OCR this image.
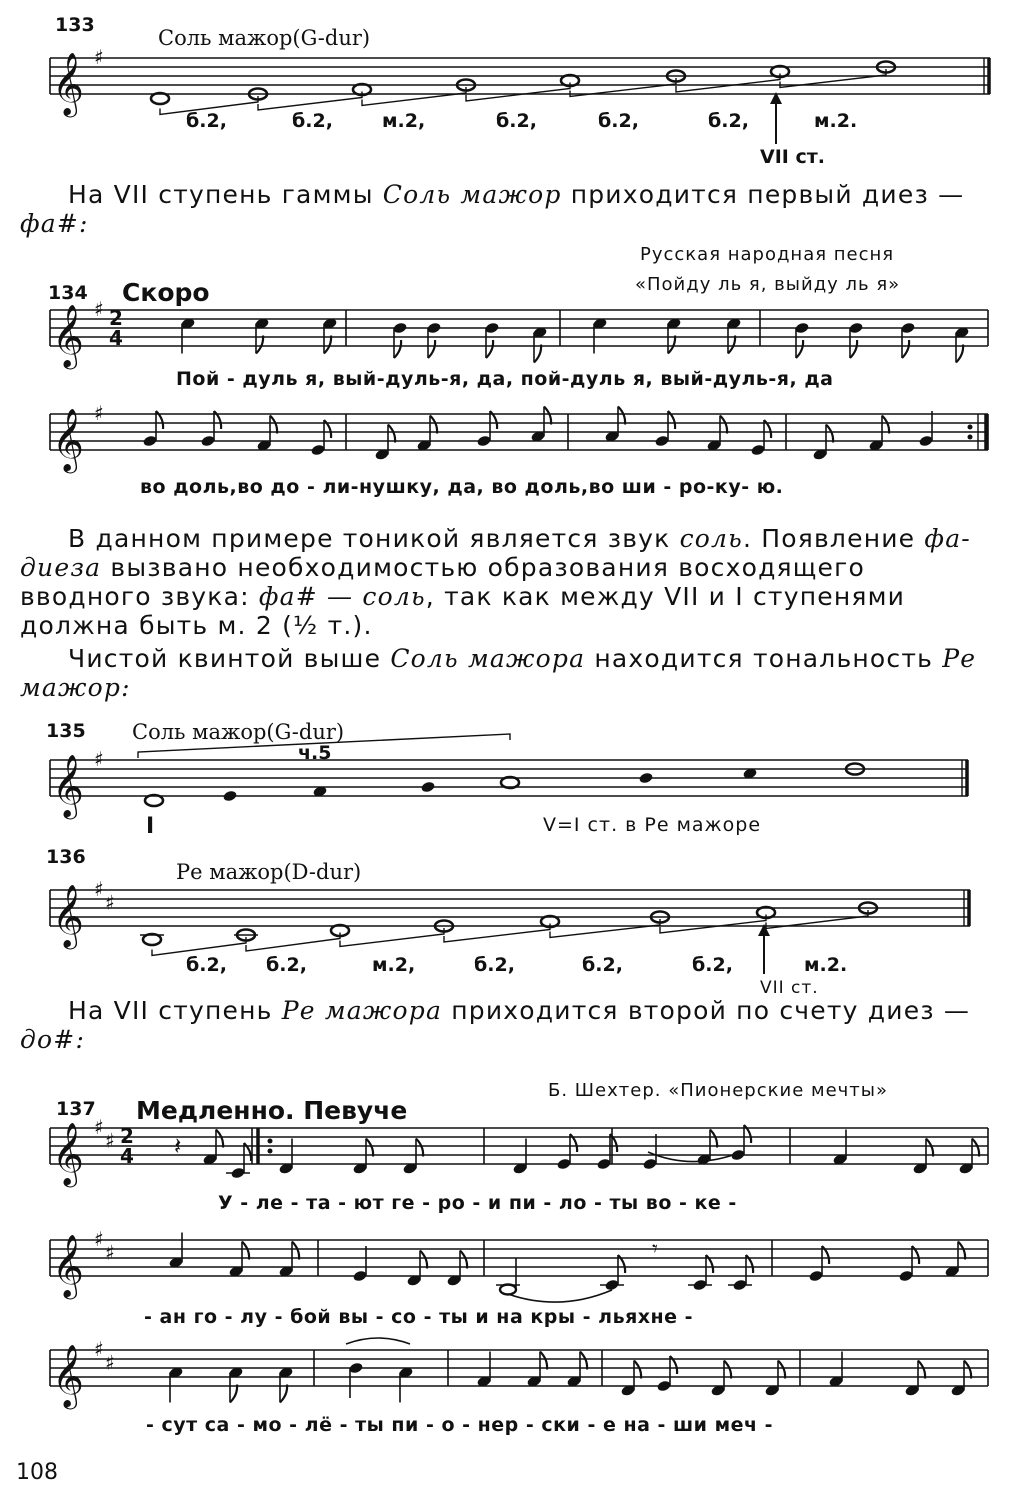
133
Соль мажор(G-dur)
𝄞 ♯
б.2,	б.2,	м.2,	б.2,	б.2,	б.2,	м.2.
VII ст.

На VII ступень гаммы Соль мажор приходится первый диез — фа#:

Русская народная песня
«Пойду ль я, выйду ль я»
134 Скоро
𝄞 ♯ 2
4
Пой - дуль я, вый-дуль-я, да, пой-дуль я, вый-дуль-я, да
𝄞 ♯
во доль,во до - ли-нушку, да, во доль,во ши - ро-ку- ю.

В данном примере тоникой является звук соль. Появление фа-диеза вызвано необходимостью образования восходящего вводного звука: фа# — соль, так как между VII и I ступенями должна быть м. 2 (½ т.).

Чистой квинтой выше Соль мажора находится тональность Ре мажор:

135 Соль мажор(G-dur)
ч.5
𝄞 ♯
I	V=I ст. в Ре мажоре
136
Ре мажор(D-dur)
𝄞 ♯
♯
б.2, б.2,	м.2,	б.2,	б.2,	б.2,	м.2.
VII ст.

На VII ступень Ре мажора приходится второй по счету диез — до#:

Б. Шехтер. «Пионерские мечты»
137 Медленно. Певуче
𝄞 ♯
♯ 2
4 𝄽
У - ле - та - ют ге - ро - и пи - ло - ты во - ке -
𝄞 ♯
♯	𝄾
- ан го - лу - бой вы - со - ты и на кры - льяхне -
𝄞 ♯
♯
- сут са - мо - лё - ты пи - о - нер - ски - е на - ши меч -
108
